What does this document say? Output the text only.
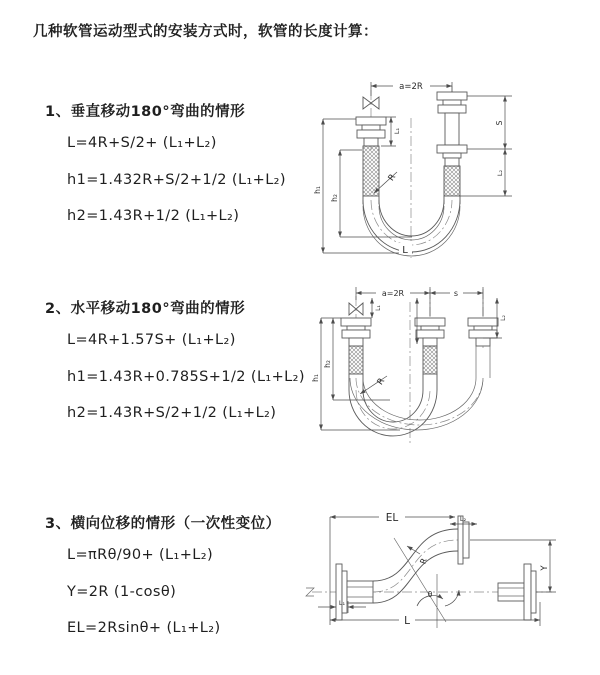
几种软管运动型式的安装方式时，软管的长度计算：
1、垂直移动180°弯曲的情形
L=4R+S/2+ (L₁+L₂)
h1=1.432R+S/2+1/2 (L₁+L₂)
h2=1.43R+1/2 (L₁+L₂)
2、水平移动180°弯曲的情形
L=4R+1.57S+ (L₁+L₂)
h1=1.43R+0.785S+1/2 (L₁+L₂)
h2=1.43R+S/2+1/2 (L₁+L₂)
3、横向位移的情形（一次性变位）
L=πRθ/90+ (L₁+L₂)
Y=2R (1-cosθ)
EL=2Rsinθ+ (L₁+L₂)
a=2R
h₁
h₂
L₁
S
L₂
R
L
a=2R	s
h₁
h₂
L₁
L₂
R
θ
EL	L₂
Y
R
L₁
L
